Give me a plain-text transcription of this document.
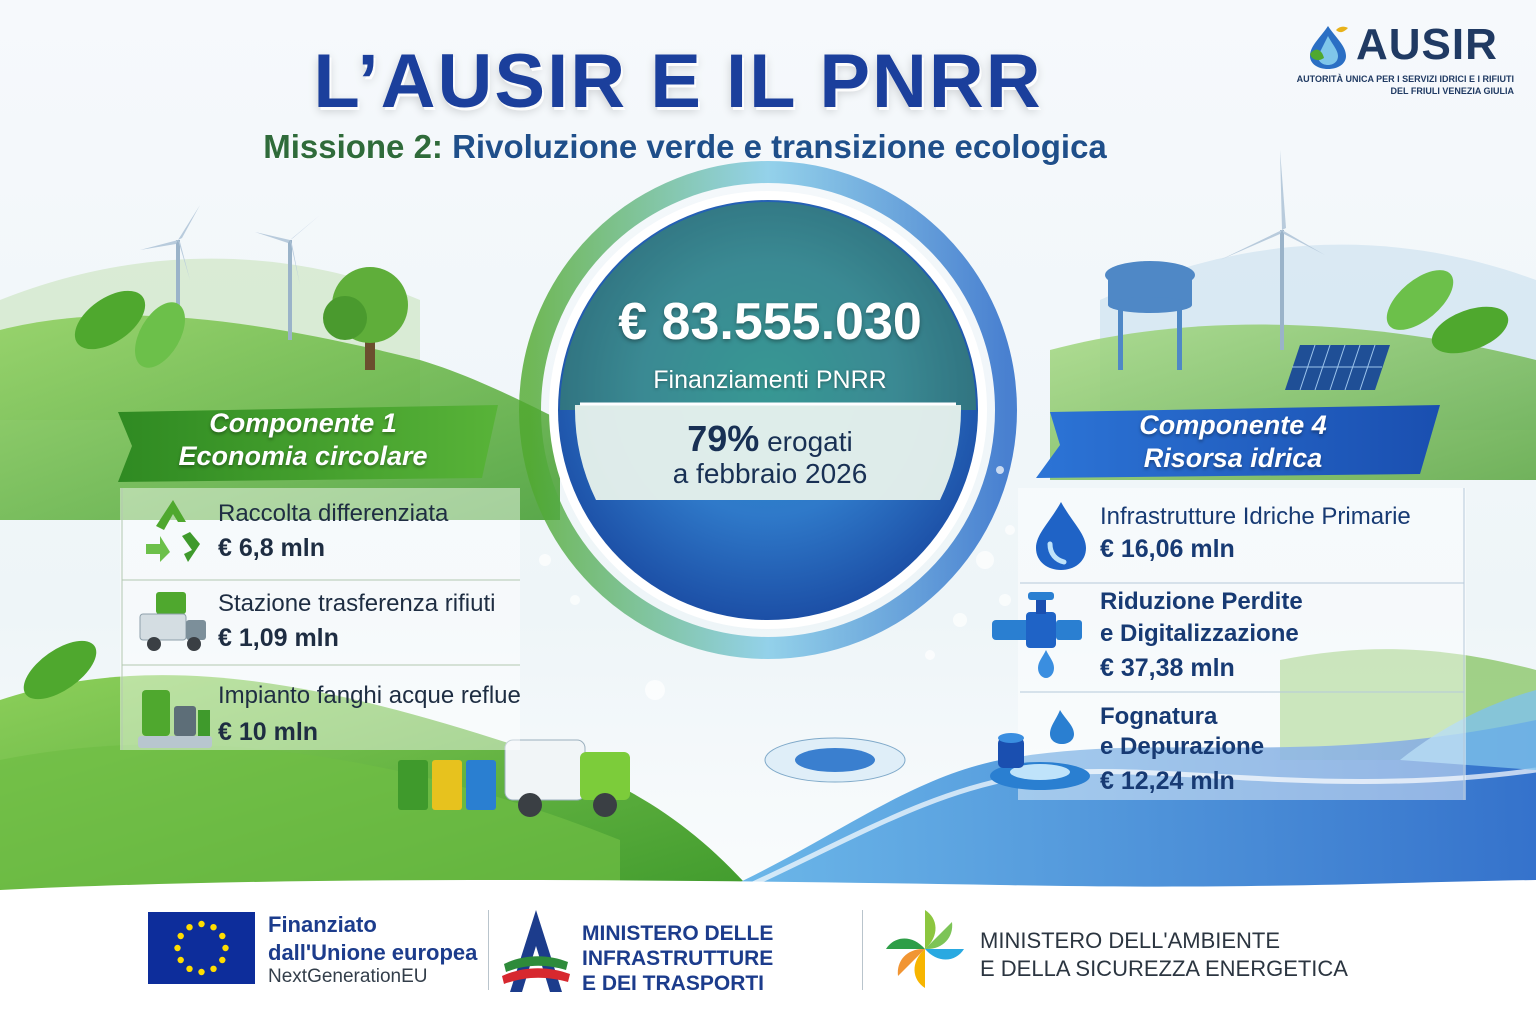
L’AUSIR E IL PNRR
Missione 2: Rivoluzione verde e transizione ecologica
AUSIR
AUTORITÀ UNICA PER I SERVIZI IDRICI E I RIFIUTI
DEL FRIULI VENEZIA GIULIA
€ 83.555.030
Finanziamenti PNRR
79% erogati
a febbraio 2026
Componente 1
Economia circolare
Raccolta differenziata
€ 6,8 mln
Stazione trasferenza rifiuti
€ 1,09 mln
Impianto fanghi acque reflue
€ 10 mln
Componente 4
Risorsa idrica
Infrastrutture Idriche Primarie
€ 16,06 mln
Riduzione Perdite
e Digitalizzazione
€ 37,38 mln
Fognatura
e Depurazione
€ 12,24 mln
Finanziato
dall'Unione europea
NextGenerationEU
MINISTERO DELLE
INFRASTRUTTURE
E DEI TRASPORTI
MINISTERO DELL'AMBIENTE
E DELLA SICUREZZA ENERGETICA
